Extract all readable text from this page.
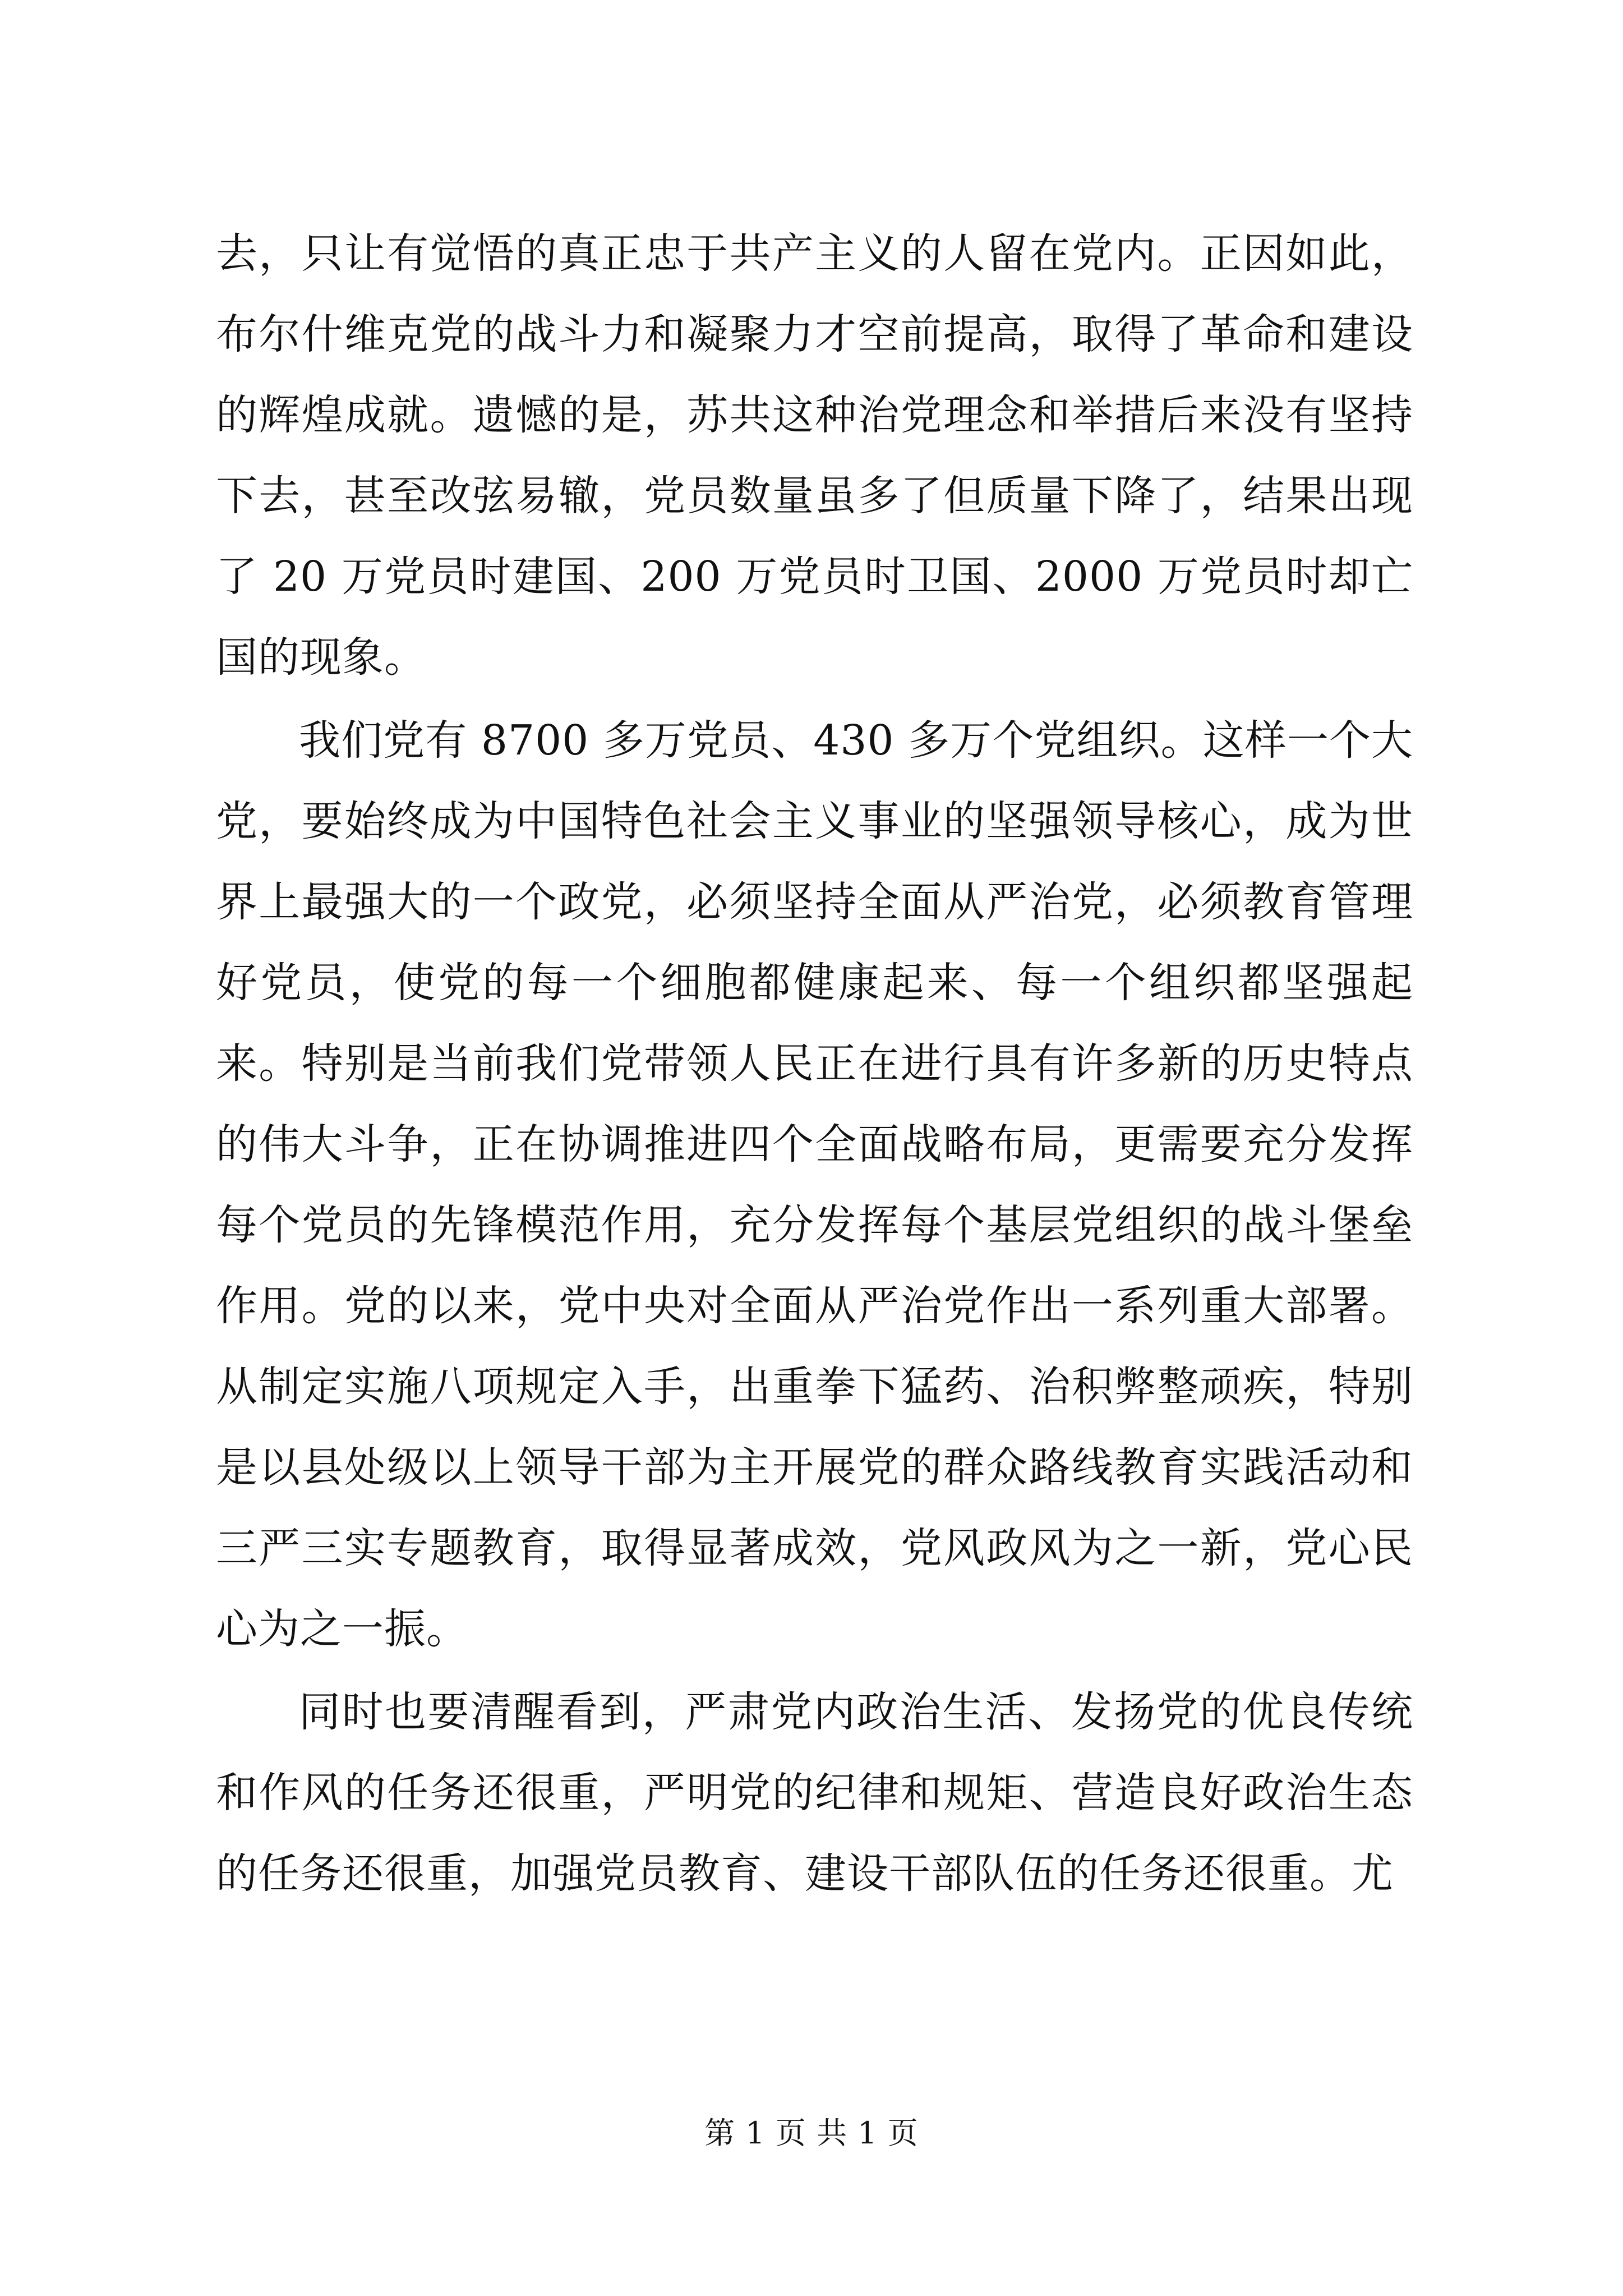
去，只让有觉悟的真正忠于共产主义的人留在党内。正因如此，布尔什维克党的战斗力和凝聚力才空前提高，取得了革命和建设的辉煌成就。遗憾的是，苏共这种治党理念和举措后来没有坚持下去，甚至改弦易辙，党员数量虽多了但质量下降了，结果出现了 20 万党员时建国、200 万党员时卫国、2000 万党员时却亡国的现象。

我们党有 8700 多万党员、430 多万个党组织。这样一个大党，要始终成为中国特色社会主义事业的坚强领导核心，成为世界上最强大的一个政党，必须坚持全面从严治党，必须教育管理好党员，使党的每一个细胞都健康起来、每一个组织都坚强起来。特别是当前我们党带领人民正在进行具有许多新的历史特点的伟大斗争，正在协调推进四个全面战略布局，更需要充分发挥每个党员的先锋模范作用，充分发挥每个基层党组织的战斗堡垒作用。党的以来，党中央对全面从严治党作出一系列重大部署。从制定实施八项规定入手，出重拳下猛药、治积弊整顽疾，特别是以县处级以上领导干部为主开展党的群众路线教育实践活动和三严三实专题教育，取得显著成效，党风政风为之一新，党心民心为之一振。

同时也要清醒看到，严肃党内政治生活、发扬党的优良传统和作风的任务还很重，严明党的纪律和规矩、营造良好政治生态的任务还很重，加强党员教育、建设干部队伍的任务还很重。尤

第 1 页 共 1 页
